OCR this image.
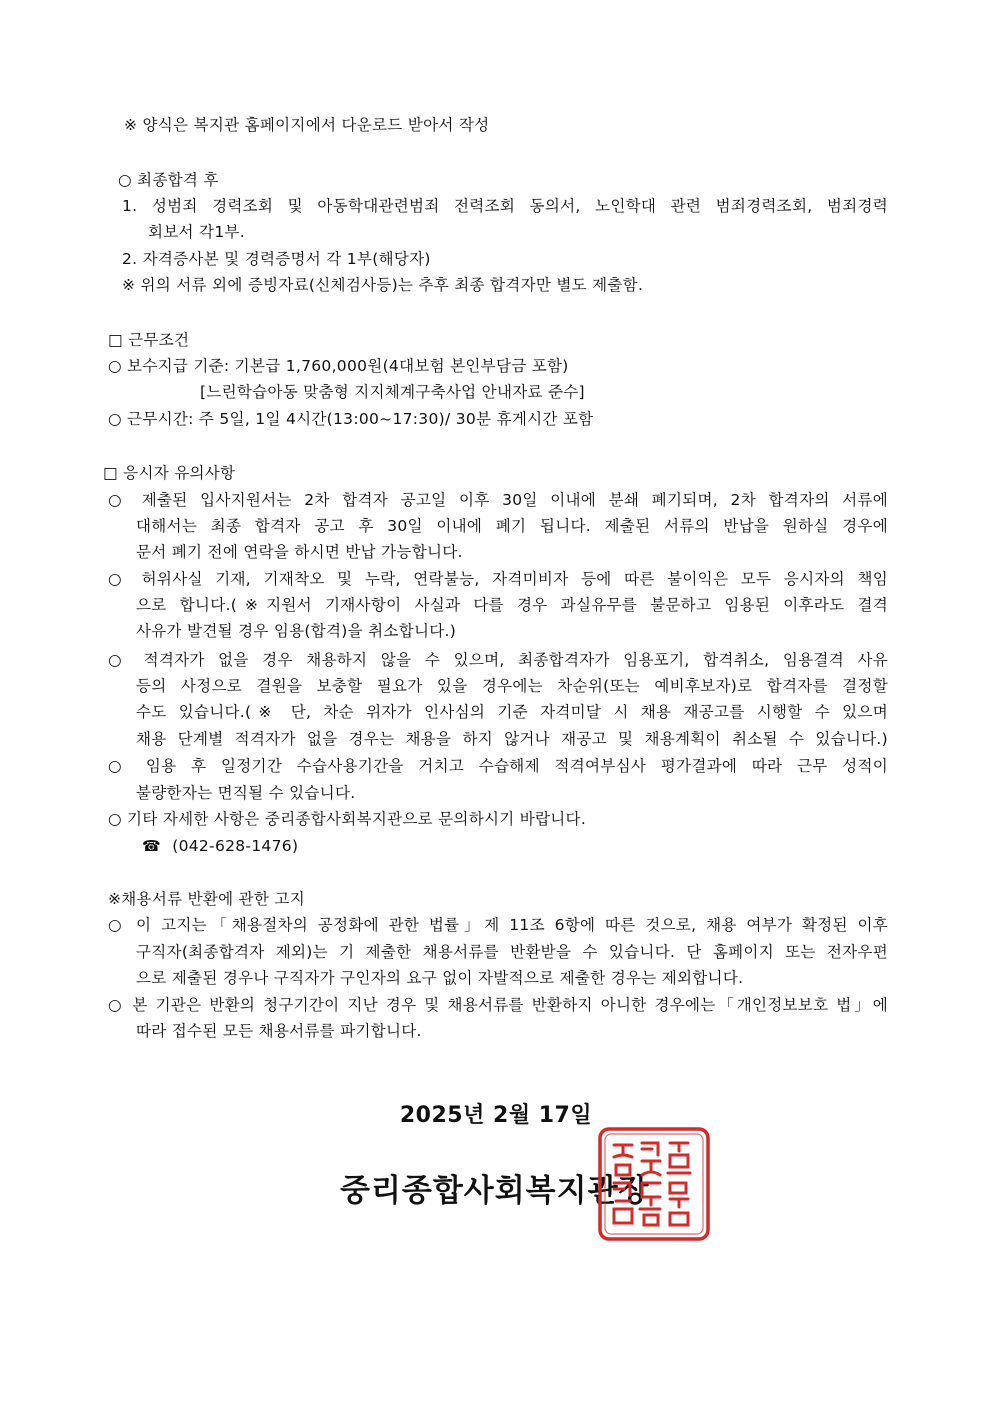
※ 양식은 복지관 홈페이지에서 다운로드 받아서 작성
○ 최종합격 후
1. 성범죄 경력조회 및 아동학대관련범죄 전력조회 동의서, 노인학대 관련 범죄경력조회, 범죄경력
회보서 각1부.
2. 자격증사본 및 경력증명서 각 1부(해당자)
※ 위의 서류 외에 증빙자료(신체검사등)는 추후 최종 합격자만 별도 제출함.
□ 근무조건
○ 보수지급 기준: 기본급 1,760,000원(4대보험 본인부담금 포함)
[느린학습아동 맞춤형 지지체계구축사업 안내자료 준수]
○ 근무시간: 주 5일, 1일 4시간(13:00~17:30)/ 30분 휴게시간 포함
□ 응시자 유의사항
○ 제출된 입사지원서는 2차 합격자 공고일 이후 30일 이내에 분쇄 폐기되며, 2차 합격자의 서류에
대해서는 최종 합격자 공고 후 30일 이내에 폐기 됩니다. 제출된 서류의 반납을 원하실 경우에
문서 폐기 전에 연락을 하시면 반납 가능합니다.
○ 허위사실 기재, 기재착오 및 누락, 연락불능, 자격미비자 등에 따른 불이익은 모두 응시자의 책임
으로 합니다.(※지원서 기재사항이 사실과 다를 경우 과실유무를 불문하고 임용된 이후라도 결격
사유가 발견될 경우 임용(합격)을 취소합니다.)
○ 적격자가 없을 경우 채용하지 않을 수 있으며, 최종합격자가 임용포기, 합격취소, 임용결격 사유
등의 사정으로 결원을 보충할 필요가 있을 경우에는 차순위(또는 예비후보자)로 합격자를 결정할
수도 있습니다.(※ 단, 차순 위자가 인사심의 기준 자격미달 시 채용 재공고를 시행할 수 있으며
채용 단계별 적격자가 없을 경우는 채용을 하지 않거나 재공고 및 채용계획이 취소될 수 있습니다.)
○ 임용 후 일정기간 수습사용기간을 거치고 수습해제 적격여부심사 평가결과에 따라 근무 성적이
불량한자는 면직될 수 있습니다.
○ 기타 자세한 사항은 중리종합사회복지관으로 문의하시기 바랍니다.
☎ (042-628-1476)
※채용서류 반환에 관한 고지
○ 이 고지는「채용절차의 공정화에 관한 법률」제 11조 6항에 따른 것으로, 채용 여부가 확정된 이후
구직자(최종합격자 제외)는 기 제출한 채용서류를 반환받을 수 있습니다. 단 홈페이지 또는 전자우편
으로 제출된 경우나 구직자가 구인자의 요구 없이 자발적으로 제출한 경우는 제외합니다.
○ 본 기관은 반환의 청구기간이 지난 경우 및 채용서류를 반환하지 아니한 경우에는「개인정보보호 법」에
따라 접수된 모든 채용서류를 파기합니다.
2025년 2월 17일
중리종합사회복지관장
